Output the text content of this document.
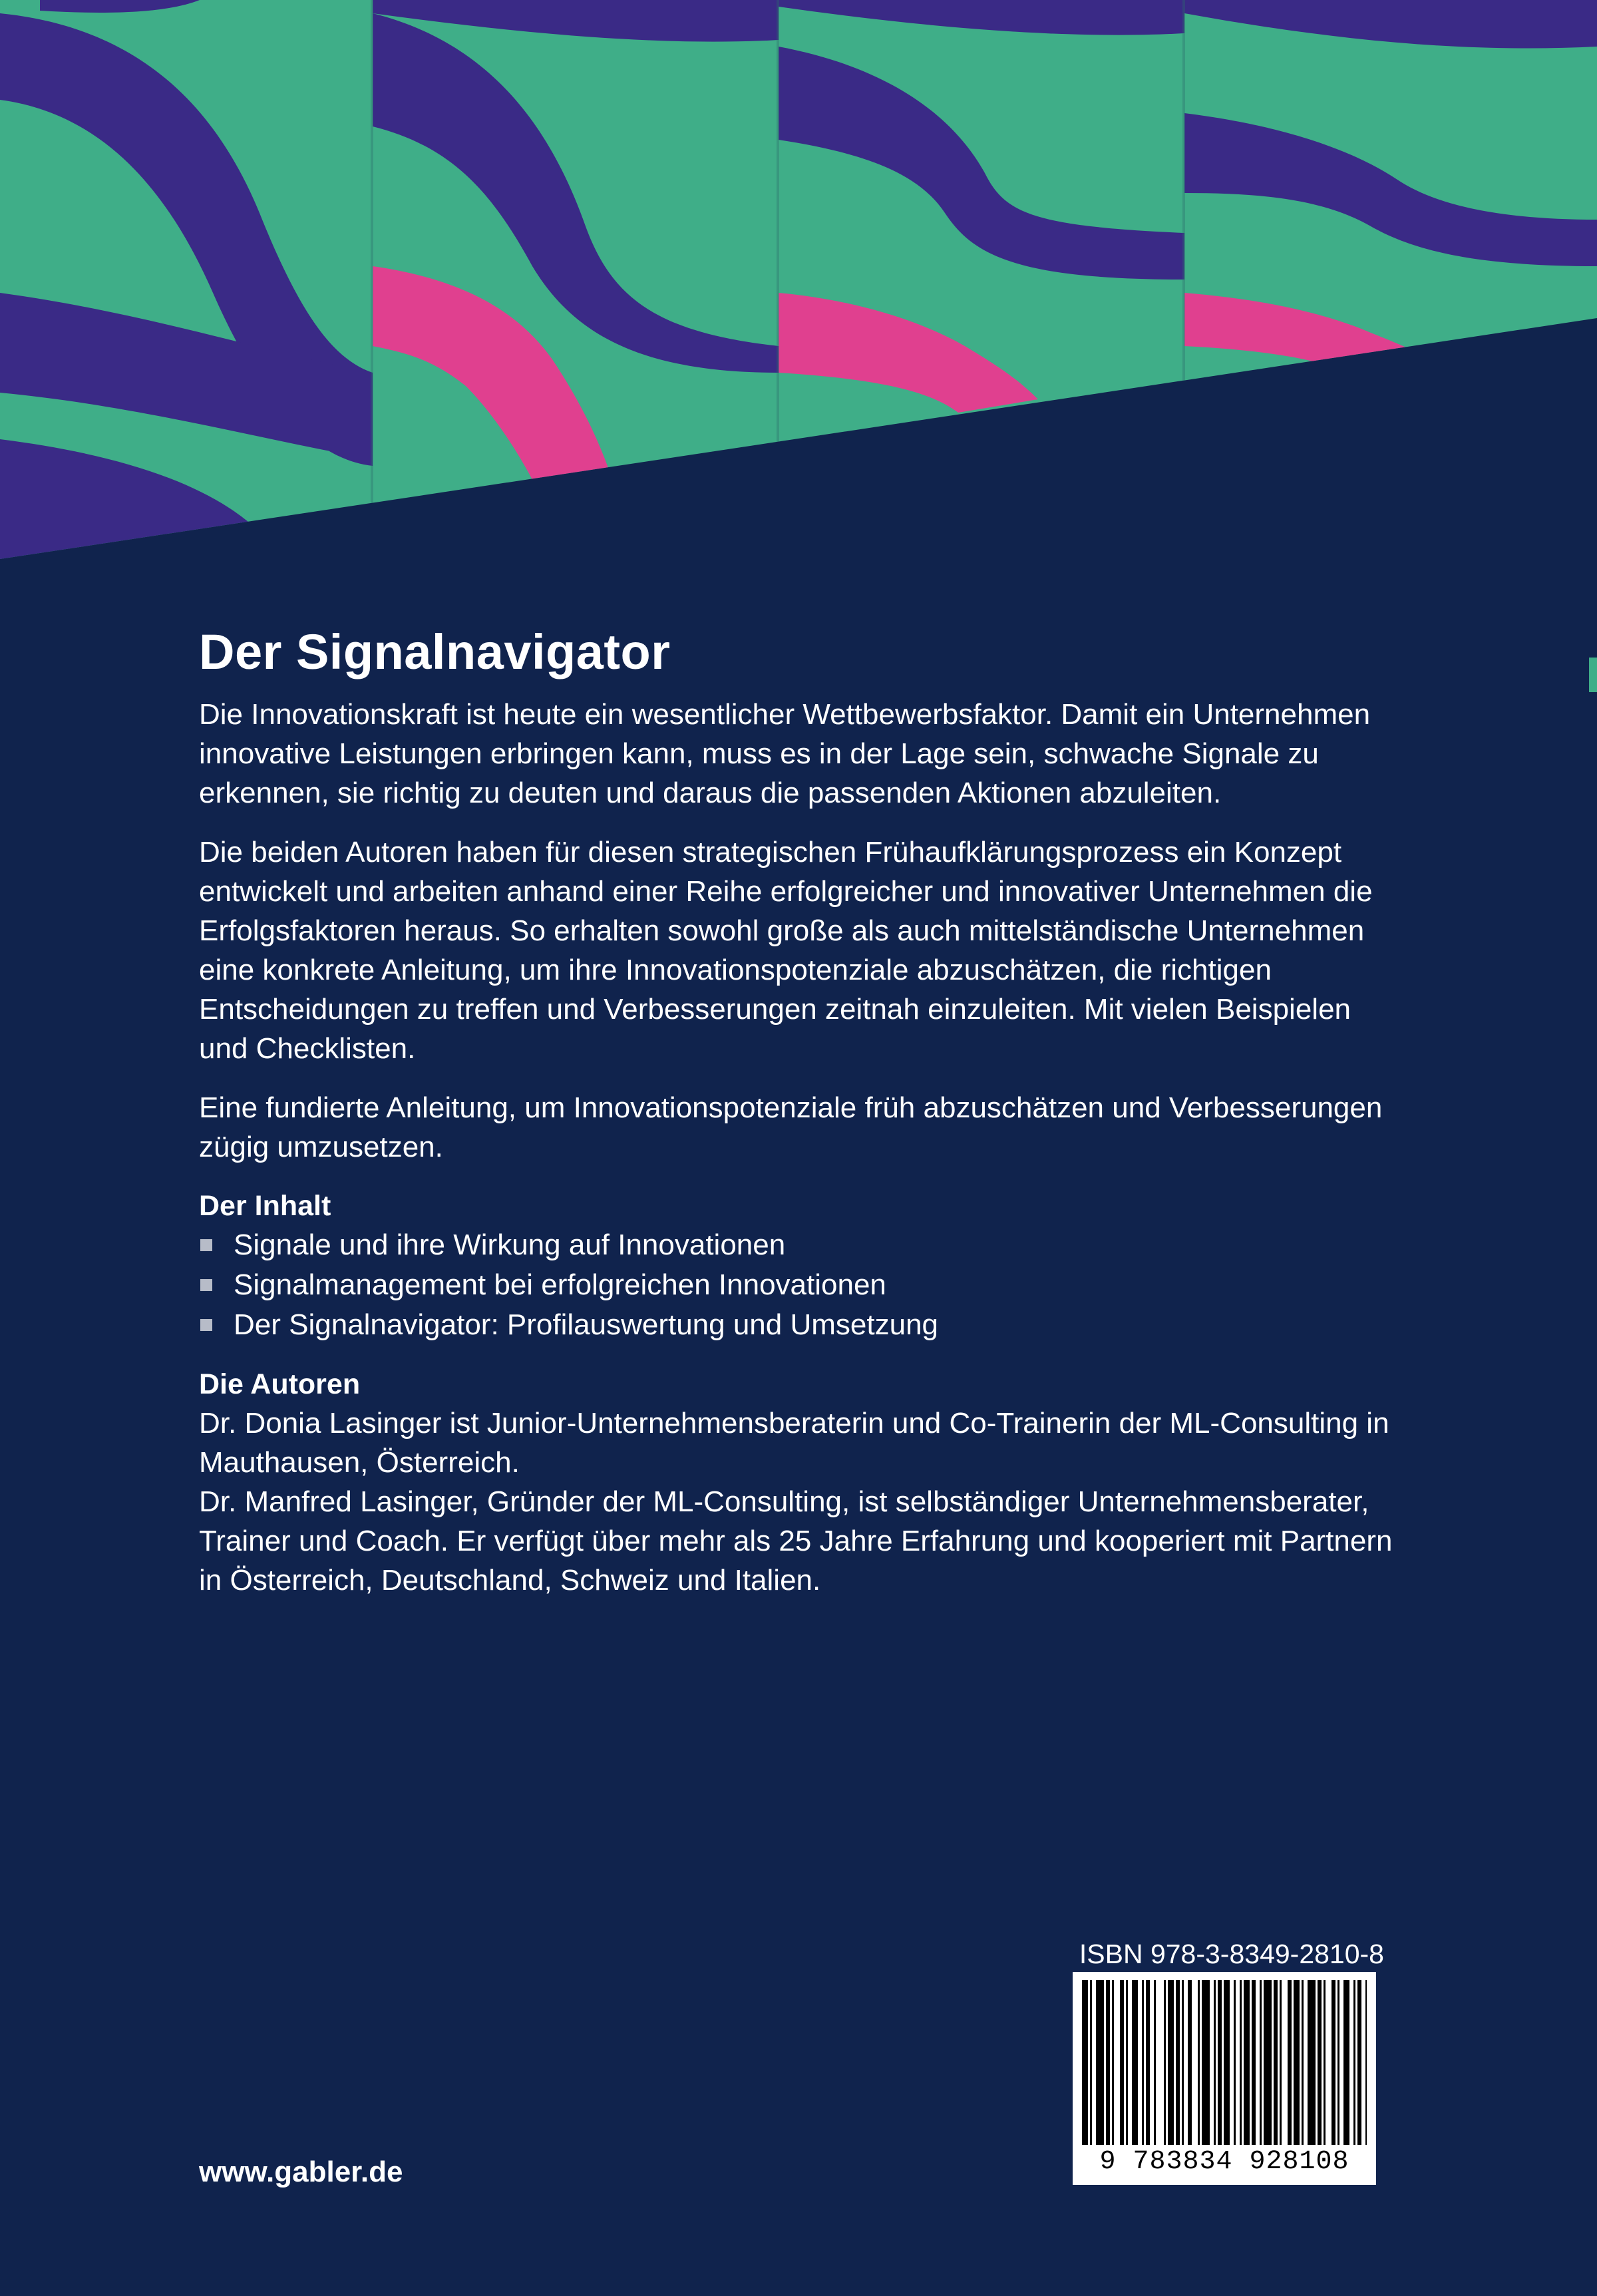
Der Signalnavigator

Die Innovationskraft ist heute ein wesentlicher Wettbewerbsfaktor. Damit ein Unternehmen innovative Leistungen erbringen kann, muss es in der Lage sein, schwache Signale zu erkennen, sie richtig zu deuten und daraus die passenden Aktionen abzuleiten.

Die beiden Autoren haben für diesen strategischen Frühaufklärungsprozess ein Konzept entwickelt und arbeiten anhand einer Reihe erfolgreicher und innovativer Unternehmen die Erfolgsfaktoren heraus. So erhalten sowohl große als auch mittelständische Unternehmen eine konkrete Anleitung, um ihre Innovationspotenziale abzuschätzen, die richtigen Entscheidungen zu treffen und Verbesserungen zeitnah einzuleiten. Mit vielen Beispielen und Checklisten.

Eine fundierte Anleitung, um Innovationspotenziale früh abzuschätzen und Verbesserungen zügig umzusetzen.

Der Inhalt
Signale und ihre Wirkung auf Innovationen
Signalmanagement bei erfolgreichen Innovationen
Der Signalnavigator: Profilauswertung und Umsetzung
Die Autoren

Dr. Donia Lasinger ist Junior-Unternehmensberaterin und Co-Trainerin der ML-Consulting in Mauthausen, Österreich.

Dr. Manfred Lasinger, Gründer der ML-Consulting, ist selbständiger Unternehmensberater, Trainer und Coach. Er verfügt über mehr als 25 Jahre Erfahrung und kooperiert mit Partnern in Österreich, Deutschland, Schweiz und Italien.

ISBN 978-3-8349-2810-8
9 783834 928108
www.gabler.de
